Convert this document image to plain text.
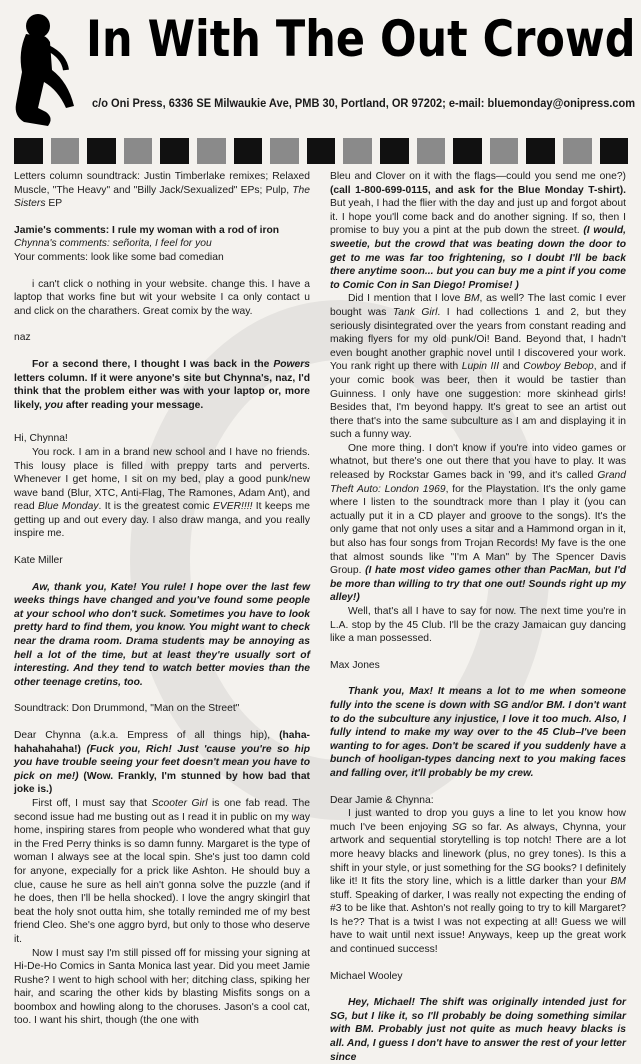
In With The Out Crowd
c/o Oni Press, 6336 SE Milwaukie Ave, PMB 30, Portland, OR 97202; e-mail: bluemonday@onipress.com

Letters column soundtrack: Justin Timberlake remixes; Relaxed Muscle, "The Heavy" and "Billy Jack/Sexualized" EPs; Pulp, The Sisters EP

Jamie's comments: I rule my woman with a rod of iron

Chynna's comments: señorita, I feel for you

Your comments: look like some bad comedian

i can't click o nothing in your website. change this. I have a laptop that works fine but wit your website I ca only contact u and click on the charathers. Great comix by the way.

naz

For a second there, I thought I was back in the Powers letters column. If it were anyone's site but Chynna's, naz, I'd think that the problem either was with your laptop or, more likely, you after reading your message.

Hi, Chynna!

You rock. I am in a brand new school and I have no friends. This lousy place is filled with preppy tarts and perverts. Whenever I get home, I sit on my bed, play a good punk/new wave band (Blur, XTC, Anti-Flag, The Ramones, Adam Ant), and read Blue Monday. It is the greatest comic EVER!!!! It keeps me getting up and out every day. I also draw manga, and you really inspire me.

Kate Miller

Aw, thank you, Kate! You rule! I hope over the last few weeks things have changed and you've found some people at your school who don't suck. Sometimes you have to look pretty hard to find them, you know. You might want to check near the drama room. Drama students may be annoying as hell a lot of the time, but at least they're usually sort of interesting. And they tend to watch better movies than the other teenage cretins, too.

Soundtrack: Don Drummond, "Man on the Street"

Dear Chynna (a.k.a. Empress of all things hip), (haha-hahahahaha!) (Fuck you, Rich! Just 'cause you're so hip you have trouble seeing your feet doesn't mean you have to pick on me!) (Wow. Frankly, I'm stunned by how bad that joke is.)

First off, I must say that Scooter Girl is one fab read. The second issue had me busting out as I read it in public on my way home, inspiring stares from people who wondered what that guy in the Fred Perry thinks is so damn funny. Margaret is the type of woman I always see at the local spin. She's just too damn cold for anyone, expecially for a prick like Ashton. He should buy a clue, cause he sure as hell ain't gonna solve the puzzle (and if he does, then I'll be hella shocked). I love the angry skingirl that beat the holy snot outta him, she totally reminded me of my best friend Cleo. She's one aggro byrd, but only to those who deserve it.

Now I must say I'm still pissed off for missing your signing at Hi-De-Ho Comics in Santa Monica last year. Did you meet Jamie Rushe? I went to high school with her; ditching class, spiking her hair, and scaring the other kids by blasting Misfits songs on a boombox and howling along to the choruses. Jason's a cool cat, too. I want his shirt, though (the one with

Bleu and Clover on it with the flags—could you send me one?) (call 1-800-699-0115, and ask for the Blue Monday T-shirt). But yeah, I had the flier with the day and just up and forgot about it. I hope you'll come back and do another signing. If so, then I promise to buy you a pint at the pub down the street. (I would, sweetie, but the crowd that was beating down the door to get to me was far too frightening, so I doubt I'll be back there anytime soon... but you can buy me a pint if you come to Comic Con in San Diego! Promise! )

Did I mention that I love BM, as well? The last comic I ever bought was Tank Girl. I had collections 1 and 2, but they seriously disintegrated over the years from constant reading and making flyers for my old punk/Oi! Band. Beyond that, I hadn't even bought another graphic novel until I discovered your work. You rank right up there with Lupin III and Cowboy Bebop, and if your comic book was beer, then it would be tastier than Guinness. I only have one suggestion: more skinhead girls! Besides that, I'm beyond happy. It's great to see an artist out there that's into the same subculture as I am and displaying it in such a funny way.

One more thing. I don't know if you're into video games or whatnot, but there's one out there that you have to play. It was released by Rockstar Games back in '99, and it's called Grand Theft Auto: London 1969, for the Playstation. It's the only game where I listen to the soundtrack more than I play it (you can actually put it in a CD player and groove to the songs). It's the only game that not only uses a sitar and a Hammond organ in it, but also has four songs from Trojan Records! My fave is the one that almost sounds like "I'm A Man" by The Spencer Davis Group. (I hate most video games other than PacMan, but I'd be more than willing to try that one out! Sounds right up my alley!)

Well, that's all I have to say for now. The next time you're in L.A. stop by the 45 Club. I'll be the crazy Jamaican guy dancing like a man possessed.

Max Jones

Thank you, Max! It means a lot to me when someone fully into the scene is down with SG and/or BM. I don't want to do the subculture any injustice, I love it too much. Also, I fully intend to make my way over to the 45 Club–I've been wanting to for ages. Don't be scared if you suddenly have a bunch of hooligan-types dancing next to you making faces and falling over, it'll probably be my crew.

Dear Jamie & Chynna:

I just wanted to drop you guys a line to let you know how much I've been enjoying SG so far. As always, Chynna, your artwork and sequential storytelling is top notch! There are a lot more heavy blacks and linework (plus, no grey tones). Is this a shift in your style, or just something for the SG books? I definitely like it! It fits the story line, which is a little darker than your BM stuff. Speaking of darker, I was really not expecting the ending of #3 to be like that. Ashton's not really going to try to kill Margaret? Is he?? That is a twist I was not expecting at all! Guess we will have to wait until next issue! Anyways, keep up the great work and continued success!

Michael Wooley

Hey, Michael! The shift was originally intended just for SG, but I like it, so I'll probably be doing something similar with BM. Probably just not quite as much heavy blacks is all. And, I guess I don't have to answer the rest of your letter since
